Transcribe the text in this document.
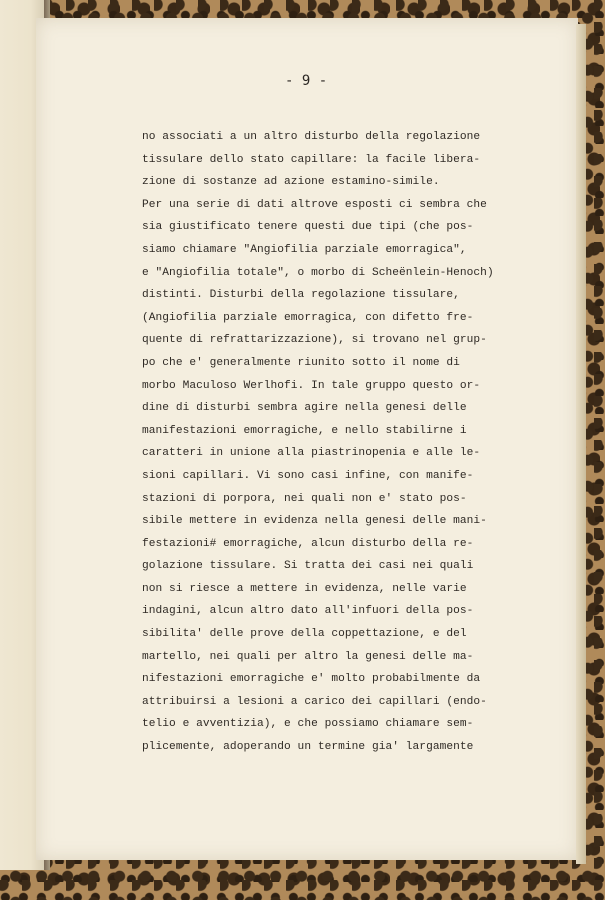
- 9 -
no associati a un altro disturbo della regolazione
tissulare dello stato capillare: la facile libera-
zione di sostanze ad azione estamino-simile.
Per una serie di dati altrove esposti ci sembra che
sia giustificato tenere questi due tipi (che pos-
siamo chiamare "Angiofilia parziale emorragica",
e "Angiofilia totale", o morbo di Scheënlein-Henoch)
distinti. Disturbi della regolazione tissulare,
(Angiofilia parziale emorragica, con difetto fre-
quente di refrattarizzazione), si trovano nel grup-
po che e' generalmente riunito sotto il nome di
morbo Maculoso Werlhofi. In tale gruppo questo or-
dine di disturbi sembra agire nella genesi delle
manifestazioni emorragiche, e nello stabilirne i
caratteri in unione alla piastrinopenia e alle le-
sioni capillari. Vi sono casi infine, con manife-
stazioni di porpora, nei quali non e' stato pos-
sibile mettere in evidenza nella genesi delle mani-
festazioni# emorragiche, alcun disturbo della re-
golazione tissulare. Si tratta dei casi nei quali
non si riesce a mettere in evidenza, nelle varie
indagini, alcun altro dato all'infuori della pos-
sibilita' delle prove della coppettazione, e del
martello, nei quali per altro la genesi delle ma-
nifestazioni emorragiche e' molto probabilmente da
attribuirsi a lesioni a carico dei capillari (endo-
telio e avventizia), e che possiamo chiamare sem-
plicemente, adoperando un termine gia' largamente
